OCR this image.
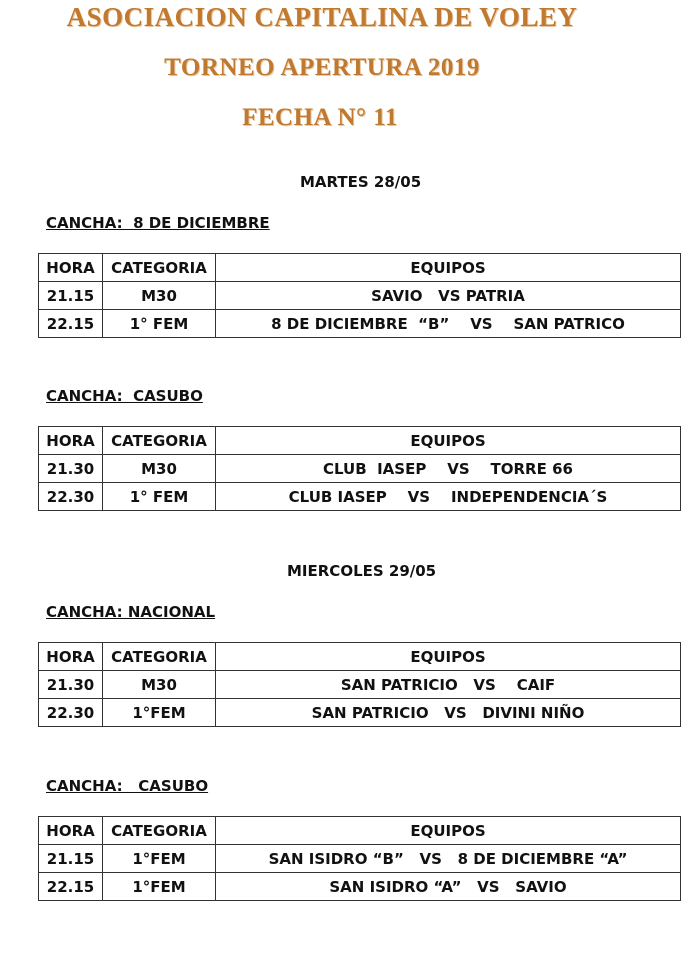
ASOCIACION CAPITALINA DE VOLEY
TORNEO APERTURA 2019
FECHA N° 11
MARTES 28/05
CANCHA:  8 DE DICIEMBRE
HORA	CATEGORIA	EQUIPOS
21.15	M30	SAVIO   VS PATRIA
22.15	1° FEM	8 DE DICIEMBRE  “B”    VS    SAN PATRICO
CANCHA:  CASUBO
HORA	CATEGORIA	EQUIPOS
21.30	M30	CLUB  IASEP    VS    TORRE 66
22.30	1° FEM	CLUB IASEP    VS    INDEPENDENCIA´S
MIERCOLES 29/05
CANCHA: NACIONAL
HORA	CATEGORIA	EQUIPOS
21.30	M30	SAN PATRICIO   VS    CAIF
22.30	1°FEM	SAN PATRICIO   VS   DIVINI NIÑO
CANCHA:   CASUBO
HORA	CATEGORIA	EQUIPOS
21.15	1°FEM	SAN ISIDRO “B”   VS   8 DE DICIEMBRE “A”
22.15	1°FEM	SAN ISIDRO “A”   VS   SAVIO
